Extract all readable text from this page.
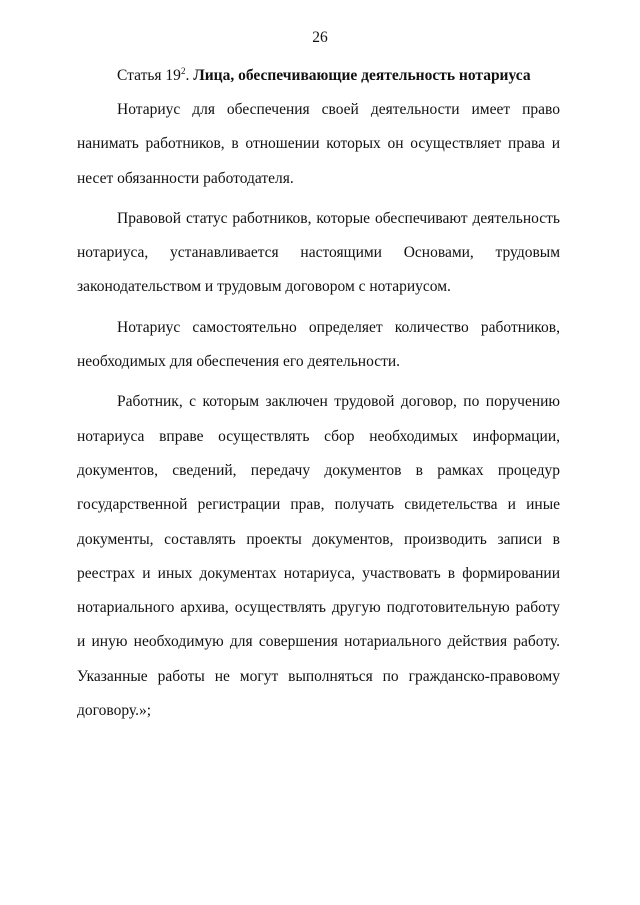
26
Статья $19^2$. Лица, обеспечивающие деятельность нотариуса

Нотариус для обеспечения своей деятельности имеет право нанимать работников, в отношении которых он осуществляет права и несет обязанности работодателя.

Правовой статус работников, которые обеспечивают деятельность нотариуса, устанавливается настоящими Основами, трудовым законодательством и трудовым договором с нотариусом.

Нотариус самостоятельно определяет количество работников, необходимых для обеспечения его деятельности.

Работник, с которым заключен трудовой договор, по поручению нотариуса вправе осуществлять сбор необходимых информации, документов, сведений, передачу документов в рамках процедур государственной регистрации прав, получать свидетельства и иные документы, составлять проекты документов, производить записи в реестрах и иных документах нотариуса, участвовать в формировании нотариального архива, осуществлять другую подготовительную работу и иную необходимую для совершения нотариального действия работу. Указанные работы не могут выполняться по гражданско-правовому договору.»;
